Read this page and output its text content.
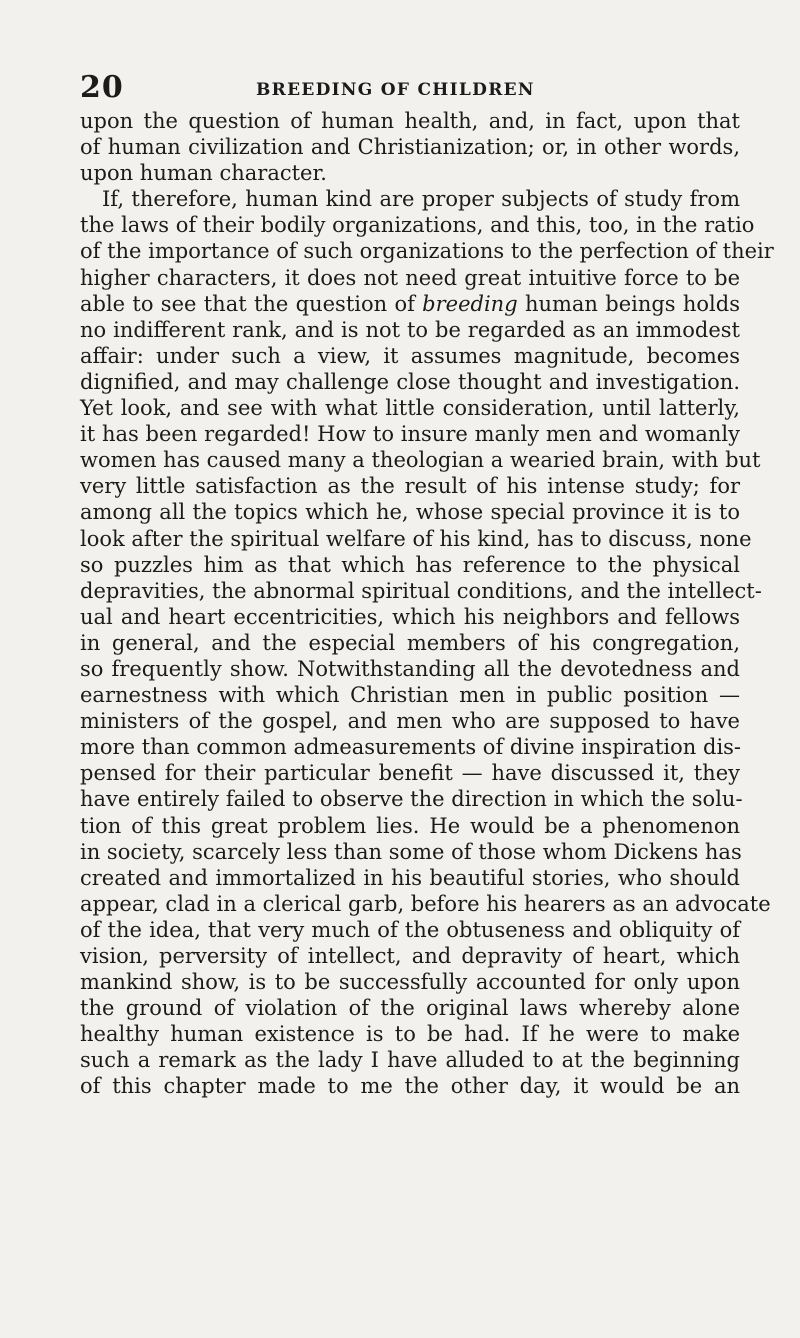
20	BREEDING OF CHILDREN
upon the question of human health, and, in fact, upon that
of human civilization and Christianization; or, in other words,
upon human character.
If, therefore, human kind are proper subjects of study from
the laws of their bodily organizations, and this, too, in the ratio
of the importance of such organizations to the perfection of their
higher characters, it does not need great intuitive force to be
able to see that the question of breeding human beings holds
no indifferent rank, and is not to be regarded as an immodest
affair: under such a view, it assumes magnitude, becomes
dignified, and may challenge close thought and investigation.
Yet look, and see with what little consideration, until latterly,
it has been regarded! How to insure manly men and womanly
women has caused many a theologian a wearied brain, with but
very little satisfaction as the result of his intense study; for
among all the topics which he, whose special province it is to
look after the spiritual welfare of his kind, has to discuss, none
so puzzles him as that which has reference to the physical
depravities, the abnormal spiritual conditions, and the intellect-
ual and heart eccentricities, which his neighbors and fellows
in general, and the especial members of his congregation,
so frequently show. Notwithstanding all the devotedness and
earnestness with which Christian men in public position —
ministers of the gospel, and men who are supposed to have
more than common admeasurements of divine inspiration dis-
pensed for their particular benefit — have discussed it, they
have entirely failed to observe the direction in which the solu-
tion of this great problem lies. He would be a phenomenon
in society, scarcely less than some of those whom Dickens has
created and immortalized in his beautiful stories, who should
appear, clad in a clerical garb, before his hearers as an advocate
of the idea, that very much of the obtuseness and obliquity of
vision, perversity of intellect, and depravity of heart, which
mankind show, is to be successfully accounted for only upon
the ground of violation of the original laws whereby alone
healthy human existence is to be had. If he were to make
such a remark as the lady I have alluded to at the beginning
of this chapter made to me the other day, it would be an
